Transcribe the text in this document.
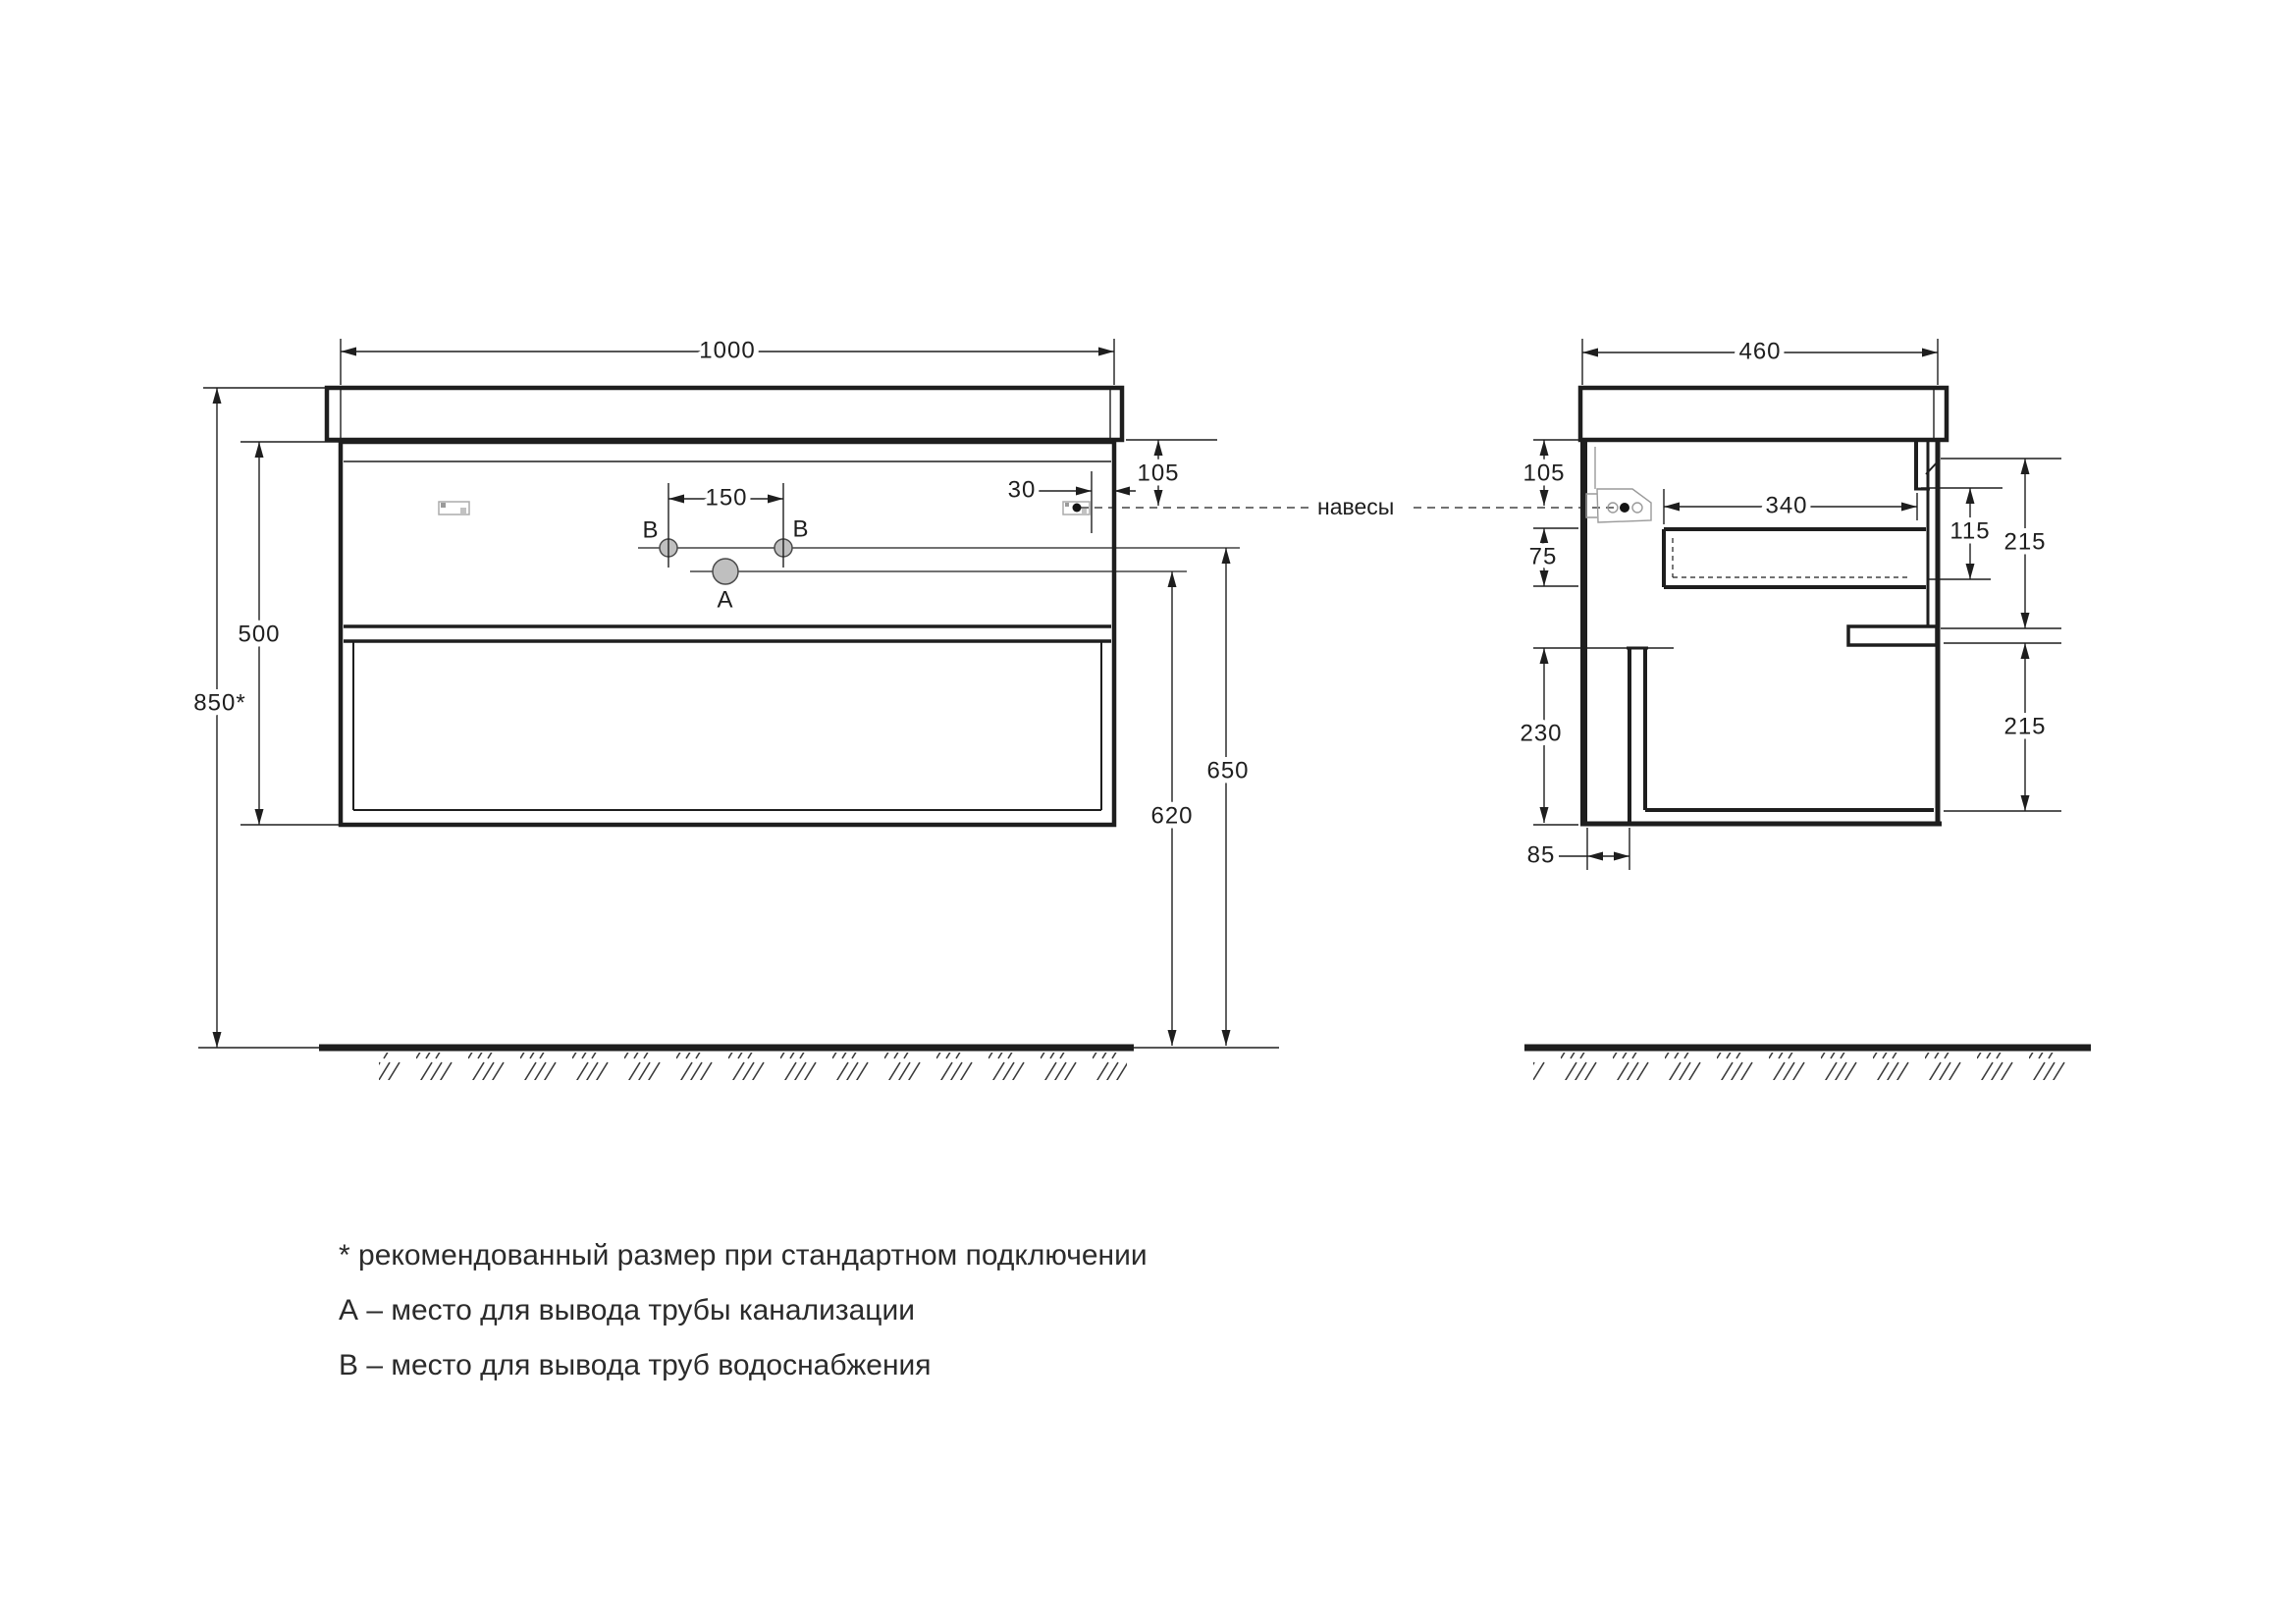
B	B
A
1000
850*
500
150	30
105
650
620
навесы
460
105
75
340
115 215
215
230
85
* рекомендованный размер при стандартном подключении
А – место для вывода трубы канализации
В – место для вывода труб водоснабжения
